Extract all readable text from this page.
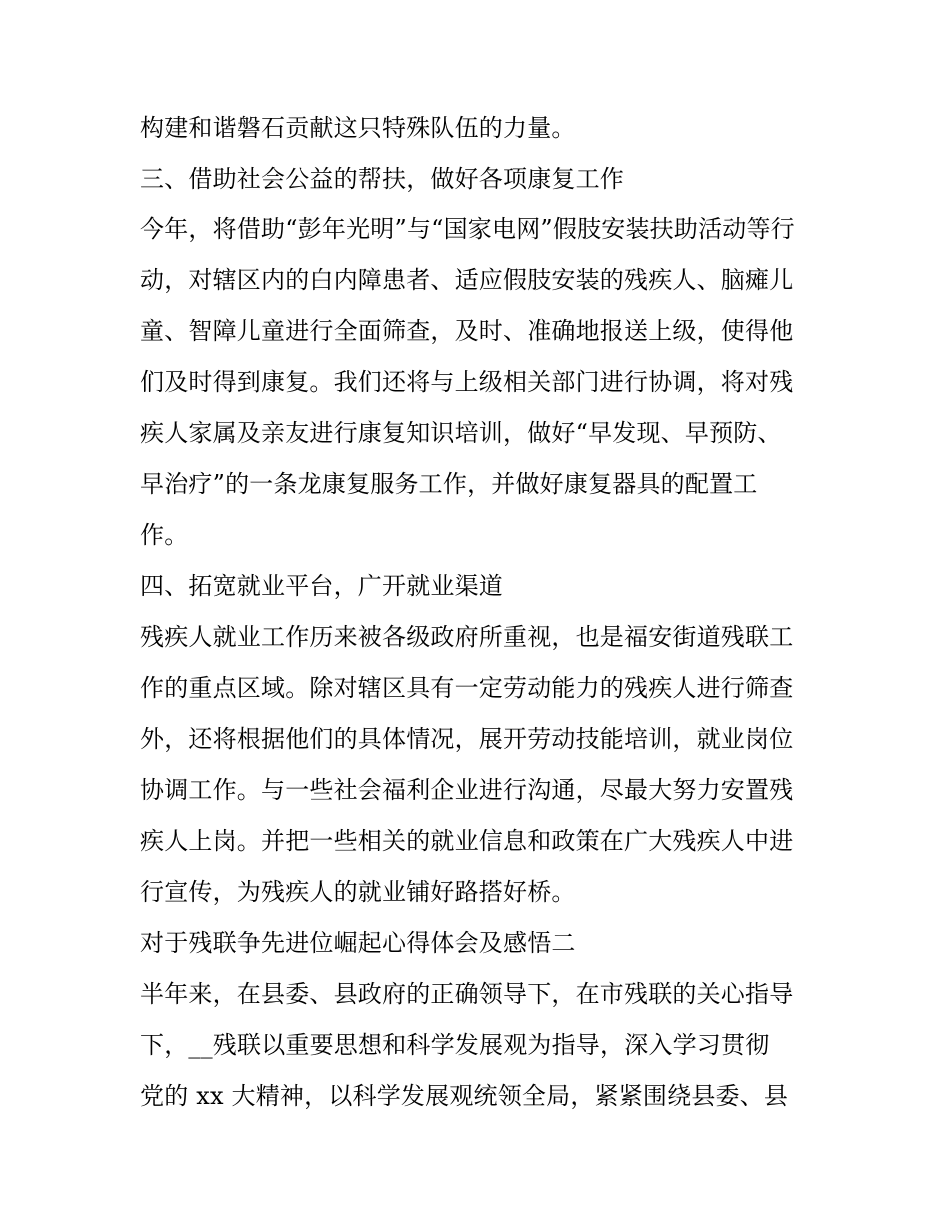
构建和谐磐石贡献这只特殊队伍的力量。
三、借助社会公益的帮扶，做好各项康复工作
今年，将借助“彭年光明”与“国家电网”假肢安装扶助活动等行
动，对辖区内的白内障患者、适应假肢安装的残疾人、脑瘫儿
童、智障儿童进行全面筛查，及时、准确地报送上级，使得他
们及时得到康复。我们还将与上级相关部门进行协调，将对残
疾人家属及亲友进行康复知识培训，做好“早发现、早预防、
早治疗”的一条龙康复服务工作，并做好康复器具的配置工
作。
四、拓宽就业平台，广开就业渠道
残疾人就业工作历来被各级政府所重视，也是福安街道残联工
作的重点区域。除对辖区具有一定劳动能力的残疾人进行筛查
外，还将根据他们的具体情况，展开劳动技能培训，就业岗位
协调工作。与一些社会福利企业进行沟通，尽最大努力安置残
疾人上岗。并把一些相关的就业信息和政策在广大残疾人中进
行宣传，为残疾人的就业铺好路搭好桥。
对于残联争先进位崛起心得体会及感悟二
半年来，在县委、县政府的正确领导下，在市残联的关心指导
下，__残联以重要思想和科学发展观为指导，深入学习贯彻
党的 xx 大精神，以科学发展观统领全局，紧紧围绕县委、县
